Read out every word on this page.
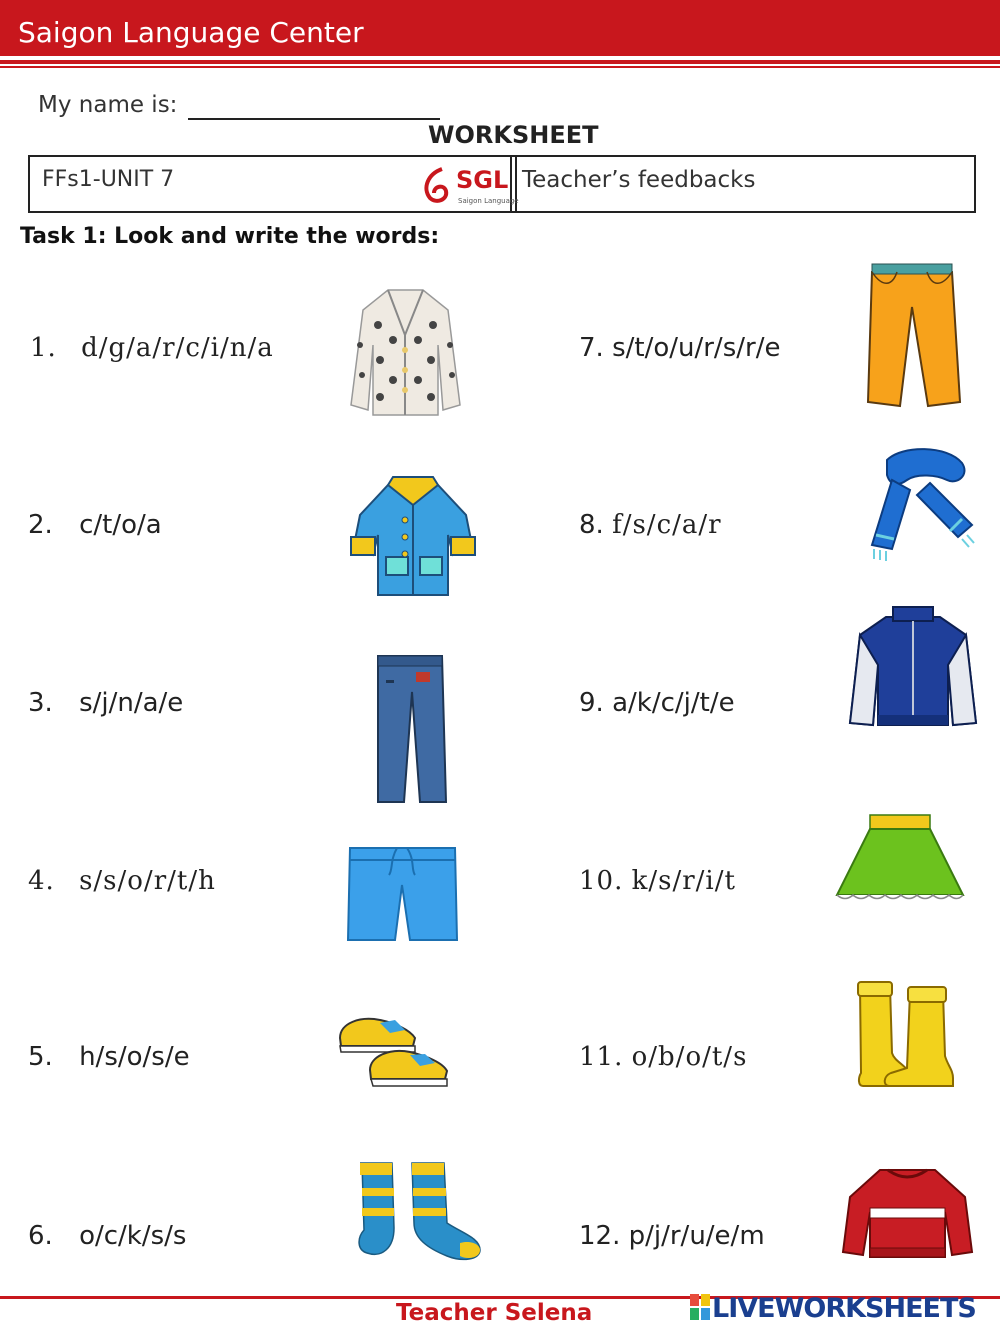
Saigon Language Center
My name is:
WORKSHEET
FFs1-UNIT 7	Teacher’s feedbacks
SGL
Saigon Language
Task 1: Look and write the words:
1. d/g/a/r/c/i/n/a
2. c/t/o/a
3. s/j/n/a/e
4. s/s/o/r/t/h
5. h/s/o/s/e
6. o/c/k/s/s
7. s/t/o/u/r/s/r/e
8. f/s/c/a/r
9. a/k/c/j/t/e
10. k/s/r/i/t
11. o/b/o/t/s
12. p/j/r/u/e/m
Teacher Selena	LIVEWORKSHEETS
